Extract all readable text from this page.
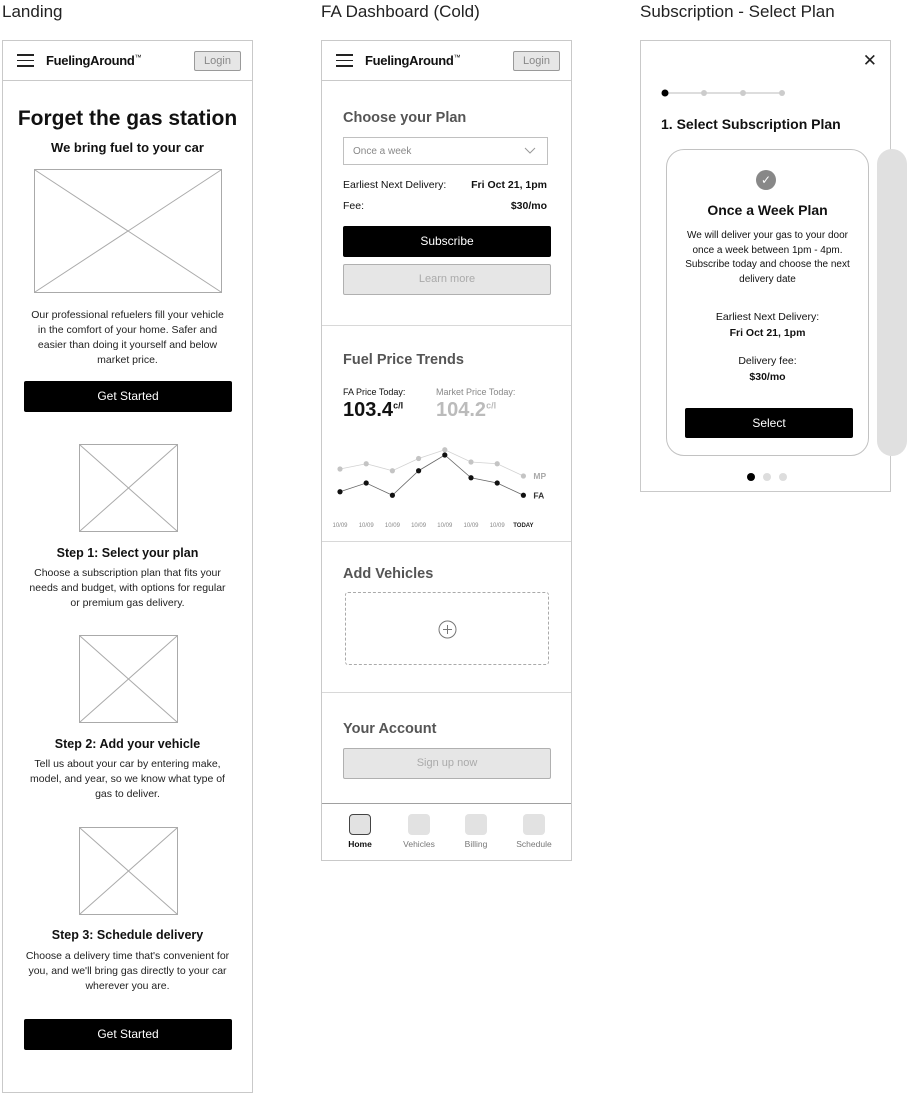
Landing	FA Dashboard (Cold)	Subscription - Select Plan
FuelingAround™	Login
Forget the gas station
We bring fuel to your car
Our professional refuelers fill your vehicle in the comfort of your home. Safer and easier than doing it yourself and below market price.
Get Started
Step 1: Select your plan
Choose a subscription plan that fits your needs and budget, with options for regular or premium gas delivery.
Step 2: Add your vehicle
Tell us about your car by entering make, model, and year, so we know what type of gas to deliver.
Step 3: Schedule delivery
Choose a delivery time that's convenient for you, and we'll bring gas directly to your car wherever you are.
Get Started
FuelingAround™	Login
Choose your Plan
Once a week
Earliest Next Delivery: Fri Oct 21, 1pm
Fee:	$30/mo
Subscribe
Learn more
Fuel Price Trends
FA Price Today:
$103.4^{c/l}$
Market Price Today:
$104.2^{c/l}$
MP
FA
10/09 10/09 10/09 10/09 10/09 10/09 10/09 TODAY
Add Vehicles
Your Account
Sign up now
Home	Vehicles	Billing	Schedule
✕
1. Select Subscription Plan
✓
Once a Week Plan
We will deliver your gas to your door once a week between 1pm - 4pm. Subscribe today and choose the next delivery date
Earliest Next Delivery:
Fri Oct 21, 1pm
Delivery fee:
$30/mo
Select
